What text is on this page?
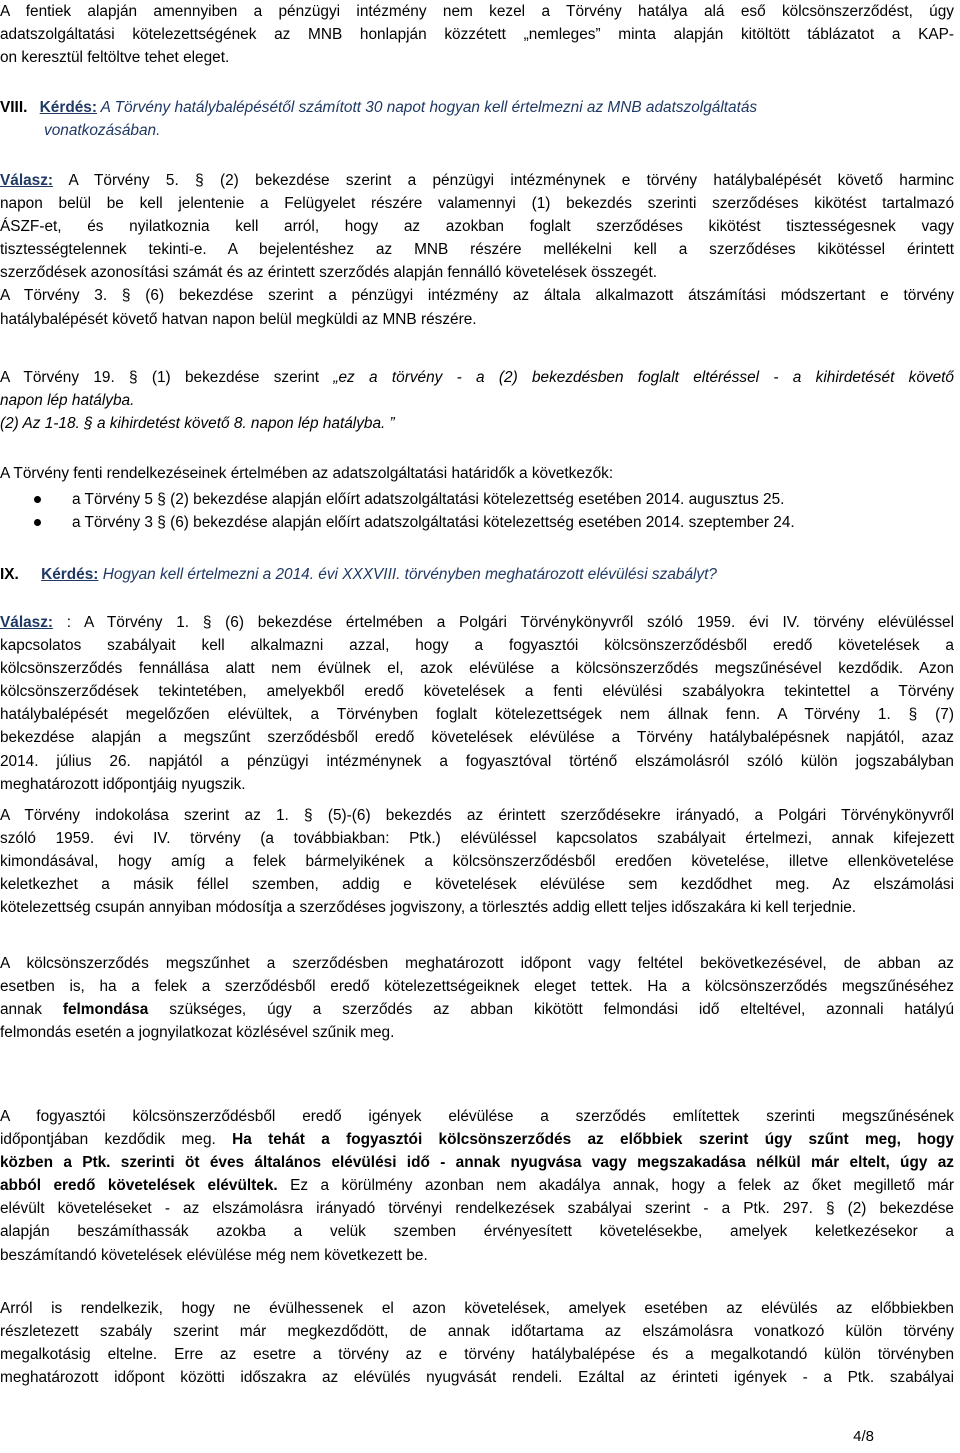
A fentiek alapján amennyiben a pénzügyi intézmény nem kezel a Törvény hatálya alá eső kölcsönszerződést, úgy
adatszolgáltatási kötelezettségének az MNB honlapján közzétett „nemleges” minta alapján kitöltött táblázatot a KAP-
on keresztül feltöltve tehet eleget.
VIII. Kérdés: A Törvény hatálybalépésétől számított 30 napot hogyan kell értelmezni az MNB adatszolgáltatás
vonatkozásában.
Válasz: A Törvény 5. § (2) bekezdése szerint a pénzügyi intézménynek e törvény hatálybalépését követő harminc
napon belül be kell jelentenie a Felügyelet részére valamennyi (1) bekezdés szerinti szerződéses kikötést tartalmazó
ÁSZF-et, és nyilatkoznia kell arról, hogy az azokban foglalt szerződéses kikötést tisztességesnek vagy
tisztességtelennek tekinti-e. A bejelentéshez az MNB részére mellékelni kell a szerződéses kikötéssel érintett
szerződések azonosítási számát és az érintett szerződés alapján fennálló követelések összegét.
A Törvény 3. § (6) bekezdése szerint a pénzügyi intézmény az általa alkalmazott átszámítási módszertant e törvény
hatálybalépését követő hatvan napon belül megküldi az MNB részére.
A Törvény 19. § (1) bekezdése szerint „ez a törvény - a (2) bekezdésben foglalt eltéréssel - a kihirdetését követő
napon lép hatályba.
(2) Az 1-18. § a kihirdetést követő 8. napon lép hatályba. ”
A Törvény fenti rendelkezéseinek értelmében az adatszolgáltatási határidők a következők:
a Törvény 5 § (2) bekezdése alapján előírt adatszolgáltatási kötelezettség esetében 2014. augusztus 25.
a Törvény 3 § (6) bekezdése alapján előírt adatszolgáltatási kötelezettség esetében 2014. szeptember 24.
IX. Kérdés: Hogyan kell értelmezni a 2014. évi XXXVIII. törvényben meghatározott elévülési szabályt?
Válasz: : A Törvény 1. § (6) bekezdése értelmében a Polgári Törvénykönyvről szóló 1959. évi IV. törvény elévüléssel
kapcsolatos szabályait kell alkalmazni azzal, hogy a fogyasztói kölcsönszerződésből eredő követelések a
kölcsönszerződés fennállása alatt nem évülnek el, azok elévülése a kölcsönszerződés megszűnésével kezdődik. Azon
kölcsönszerződések tekintetében, amelyekből eredő követelések a fenti elévülési szabályokra tekintettel a Törvény
hatálybalépését megelőzően elévültek, a Törvényben foglalt kötelezettségek nem állnak fenn. A Törvény 1. § (7)
bekezdése alapján a megszűnt szerződésből eredő követelések elévülése a Törvény hatálybalépésnek napjától, azaz
2014. július 26. napjától a pénzügyi intézménynek a fogyasztóval történő elszámolásról szóló külön jogszabályban
meghatározott időpontjáig nyugszik.
A Törvény indokolása szerint az 1. § (5)-(6) bekezdés az érintett szerződésekre irányadó, a Polgári Törvénykönyvről
szóló 1959. évi IV. törvény (a továbbiakban: Ptk.) elévüléssel kapcsolatos szabályait értelmezi, annak kifejezett
kimondásával, hogy amíg a felek bármelyikének a kölcsönszerződésből eredően követelése, illetve ellenkövetelése
keletkezhet a másik féllel szemben, addig e követelések elévülése sem kezdődhet meg. Az elszámolási
kötelezettség csupán annyiban módosítja a szerződéses jogviszony, a törlesztés addig ellett teljes időszakára ki kell terjednie.
A kölcsönszerződés megszűnhet a szerződésben meghatározott időpont vagy feltétel bekövetkezésével, de abban az
esetben is, ha a felek a szerződésből eredő kötelezettségeiknek eleget tettek. Ha a kölcsönszerződés megszűnéséhez
annak felmondása szükséges, úgy a szerződés az abban kikötött felmondási idő elteltével, azonnali hatályú
felmondás esetén a jognyilatkozat közlésével szűnik meg.
A fogyasztói kölcsönszerződésből eredő igények elévülése a szerződés említettek szerinti megszűnésének
időpontjában kezdődik meg. Ha tehát a fogyasztói kölcsönszerződés az előbbiek szerint úgy szűnt meg, hogy
közben a Ptk. szerinti öt éves általános elévülési idő - annak nyugvása vagy megszakadása nélkül már eltelt, úgy az
abból eredő követelések elévültek. Ez a körülmény azonban nem akadálya annak, hogy a felek az őket megillető már
elévült követeléseket - az elszámolásra irányadó törvényi rendelkezések szabályai szerint - a Ptk. 297. § (2) bekezdése
alapján beszámíthassák azokba a velük szemben érvényesített követelésekbe, amelyek keletkezésekor a
beszámítandó követelések elévülése még nem következett be.
Arról is rendelkezik, hogy ne évülhessenek el azon követelések, amelyek esetében az elévülés az előbbiekben
részletezett szabály szerint már megkezdődött, de annak időtartama az elszámolásra vonatkozó külön törvény
megalkotásig eltelne. Erre az esetre a törvény az e törvény hatálybalépése és a megalkotandó külön törvényben
meghatározott időpont közötti időszakra az elévülés nyugvását rendeli. Ezáltal az érinteti igények - a Ptk. szabályai
4/8
